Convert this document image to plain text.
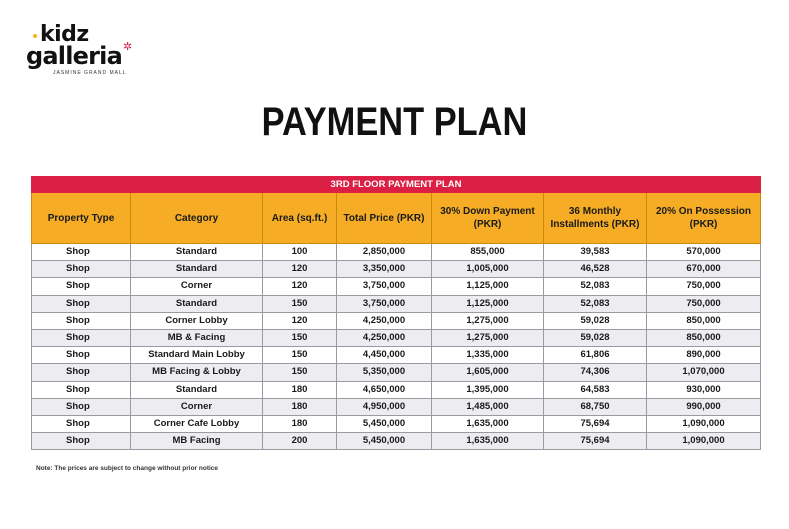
kidz
galleria ✲
JASMINE GRAND MALL
PAYMENT PLAN
3RD FLOOR PAYMENT PLAN						
Property Type	Category	Area (sq.ft.)	Total Price (PKR)	30% Down Payment (PKR)	36 Monthly Installments (PKR)	20% On Possession (PKR)
Shop	Standard	100	2,850,000	855,000	39,583	570,000
Shop	Standard	120	3,350,000	1,005,000	46,528	670,000
Shop	Corner	120	3,750,000	1,125,000	52,083	750,000
Shop	Standard	150	3,750,000	1,125,000	52,083	750,000
Shop	Corner Lobby	120	4,250,000	1,275,000	59,028	850,000
Shop	MB & Facing	150	4,250,000	1,275,000	59,028	850,000
Shop	Standard Main Lobby	150	4,450,000	1,335,000	61,806	890,000
Shop	MB Facing & Lobby	150	5,350,000	1,605,000	74,306	1,070,000
Shop	Standard	180	4,650,000	1,395,000	64,583	930,000
Shop	Corner	180	4,950,000	1,485,000	68,750	990,000
Shop	Corner Cafe Lobby	180	5,450,000	1,635,000	75,694	1,090,000
Shop	MB Facing	200	5,450,000	1,635,000	75,694	1,090,000
Note: The prices are subject to change without prior notice
